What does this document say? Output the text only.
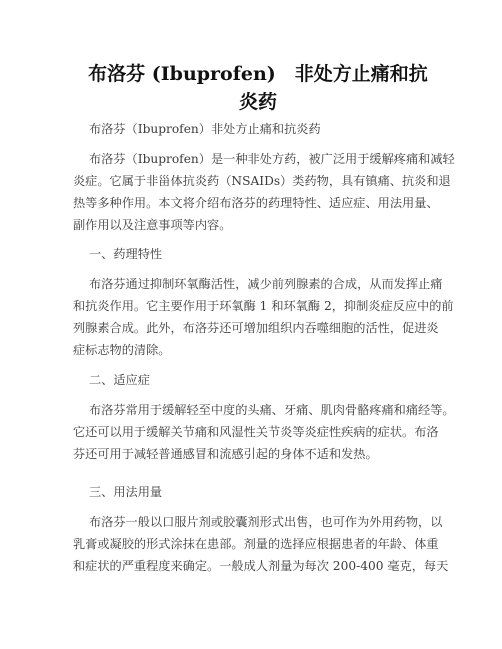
布洛芬 (Ibuprofen)　非处方止痛和抗炎药
布洛芬（Ibuprofen）非处方止痛和抗炎药
布洛芬（Ibuprofen）是一种非处方药，被广泛用于缓解疼痛和减轻
炎症。它属于非甾体抗炎药（NSAIDs）类药物，具有镇痛、抗炎和退
热等多种作用。本文将介绍布洛芬的药理特性、适应症、用法用量、
副作用以及注意事项等内容。
一、药理特性
布洛芬通过抑制环氧酶活性，减少前列腺素的合成，从而发挥止痛
和抗炎作用。它主要作用于环氧酶 1 和环氧酶 2，抑制炎症反应中的前
列腺素合成。此外，布洛芬还可增加组织内吞噬细胞的活性，促进炎
症标志物的清除。
二、适应症
布洛芬常用于缓解轻至中度的头痛、牙痛、肌肉骨骼疼痛和痛经等。
它还可以用于缓解关节痛和风湿性关节炎等炎症性疾病的症状。布洛
芬还可用于减轻普通感冒和流感引起的身体不适和发热。
三、用法用量
布洛芬一般以口服片剂或胶囊剂形式出售，也可作为外用药物，以
乳膏或凝胶的形式涂抹在患部。剂量的选择应根据患者的年龄、体重
和症状的严重程度来确定。一般成人剂量为每次 200-400 毫克，每天
